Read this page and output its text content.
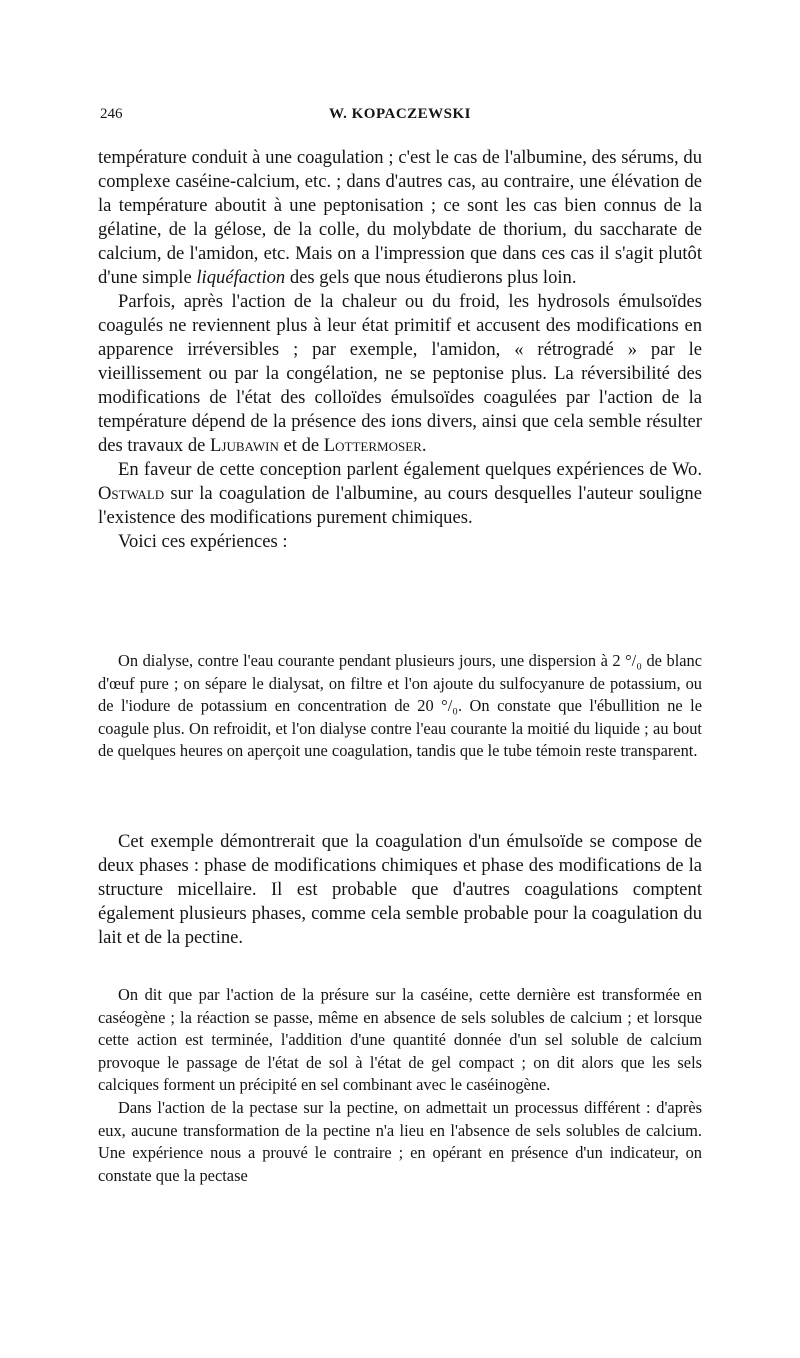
246	W. KOPACZEWSKI

température conduit à une coagulation ; c'est le cas de l'albumine, des sérums, du complexe caséine-calcium, etc. ; dans d'autres cas, au contraire, une élévation de la température aboutit à une peptonisation ; ce sont les cas bien connus de la gélatine, de la gélose, de la colle, du molybdate de thorium, du saccharate de calcium, de l'amidon, etc. Mais on a l'impression que dans ces cas il s'agit plutôt d'une simple liquéfaction des gels que nous étudierons plus loin.

Parfois, après l'action de la chaleur ou du froid, les hydrosols émulsoïdes coagulés ne reviennent plus à leur état primitif et accusent des modifications en apparence irréversibles ; par exemple, l'amidon, « rétrogradé » par le vieillissement ou par la congélation, ne se peptonise plus. La réversibilité des modifications de l'état des colloïdes émulsoïdes coagulées par l'action de la température dépend de la présence des ions divers, ainsi que cela semble résulter des travaux de Ljubawin et de Lottermoser.

En faveur de cette conception parlent également quelques expériences de Wo. Ostwald sur la coagulation de l'albumine, au cours desquelles l'auteur souligne l'existence des modifications purement chimiques.

Voici ces expériences :

On dialyse, contre l'eau courante pendant plusieurs jours, une dispersion à 2 °/₀ de blanc d'œuf pure ; on sépare le dialysat, on filtre et l'on ajoute du sulfocyanure de potassium, ou de l'iodure de potassium en concentration de 20 °/₀. On constate que l'ébullition ne le coagule plus. On refroidit, et l'on dialyse contre l'eau courante la moitié du liquide ; au bout de quelques heures on aperçoit une coagulation, tandis que le tube témoin reste transparent.

Cet exemple démontrerait que la coagulation d'un émulsoïde se compose de deux phases : phase de modifications chimiques et phase des modifications de la structure micellaire. Il est probable que d'autres coagulations comptent également plusieurs phases, comme cela semble probable pour la coagulation du lait et de la pectine.

On dit que par l'action de la présure sur la caséine, cette dernière est transformée en caséogène ; la réaction se passe, même en absence de sels solubles de calcium ; et lorsque cette action est terminée, l'addition d'une quantité donnée d'un sel soluble de calcium provoque le passage de l'état de sol à l'état de gel compact ; on dit alors que les sels calciques forment un précipité en sel combinant avec le caséinogène.

Dans l'action de la pectase sur la pectine, on admettait un processus différent : d'après eux, aucune transformation de la pectine n'a lieu en l'absence de sels solubles de calcium. Une expérience nous a prouvé le contraire ; en opérant en présence d'un indicateur, on constate que la pectase
